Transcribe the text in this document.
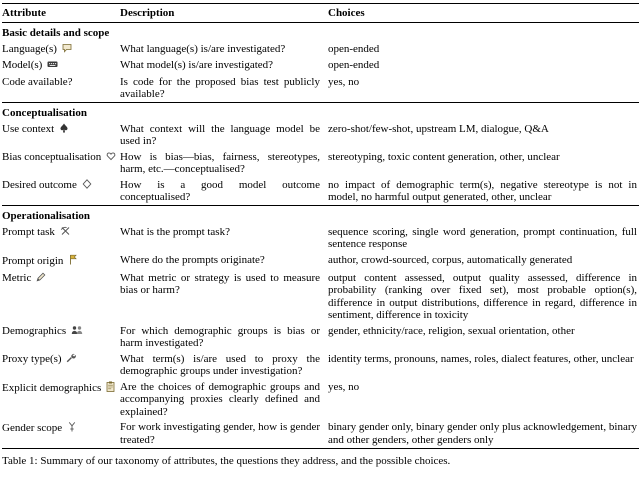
Attribute	Description	Choices
Basic details and scope		
Language(s)	What language(s) is/are investigated?	open-ended
Model(s)	What model(s) is/are investigated?	open-ended
Code available?	Is code for the proposed bias test publicly available?	yes, no
Conceptualisation		
Use context	What context will the language model be used in?	zero-shot/few-shot, upstream LM, dialogue, Q&A
Bias conceptualisation	How is bias—bias, fairness, stereotypes, harm, etc.—conceptualised?	stereotyping, toxic content generation, other, unclear
Desired outcome	How is a good model outcome conceptualised?	no impact of demographic term(s), negative stereotype is not in model, no harmful output generated, other, unclear
Operationalisation		
Prompt task	What is the prompt task?	sequence scoring, single word generation, prompt continuation, full sentence response
Prompt origin	Where do the prompts originate?	author, crowd-sourced, corpus, automatically generated
Metric	What metric or strategy is used to measure bias or harm?	output content assessed, output quality assessed, difference in probability (ranking over fixed set), most probable option(s), difference in output distributions, difference in regard, difference in sentiment, difference in toxicity
Demographics	For which demographic groups is bias or harm investigated?	gender, ethnicity/race, religion, sexual orientation, other
Proxy type(s)	What term(s) is/are used to proxy the demographic groups under investigation?	identity terms, pronouns, names, roles, dialect features, other, unclear
Explicit demographics	Are the choices of demographic groups and accompanying proxies clearly defined and explained?	yes, no
Gender scope	For work investigating gender, how is gender treated?	binary gender only, binary gender only plus acknowledgement, binary and other genders, other genders only
Table 1: Summary of our taxonomy of attributes, the questions they address, and the possible choices.
